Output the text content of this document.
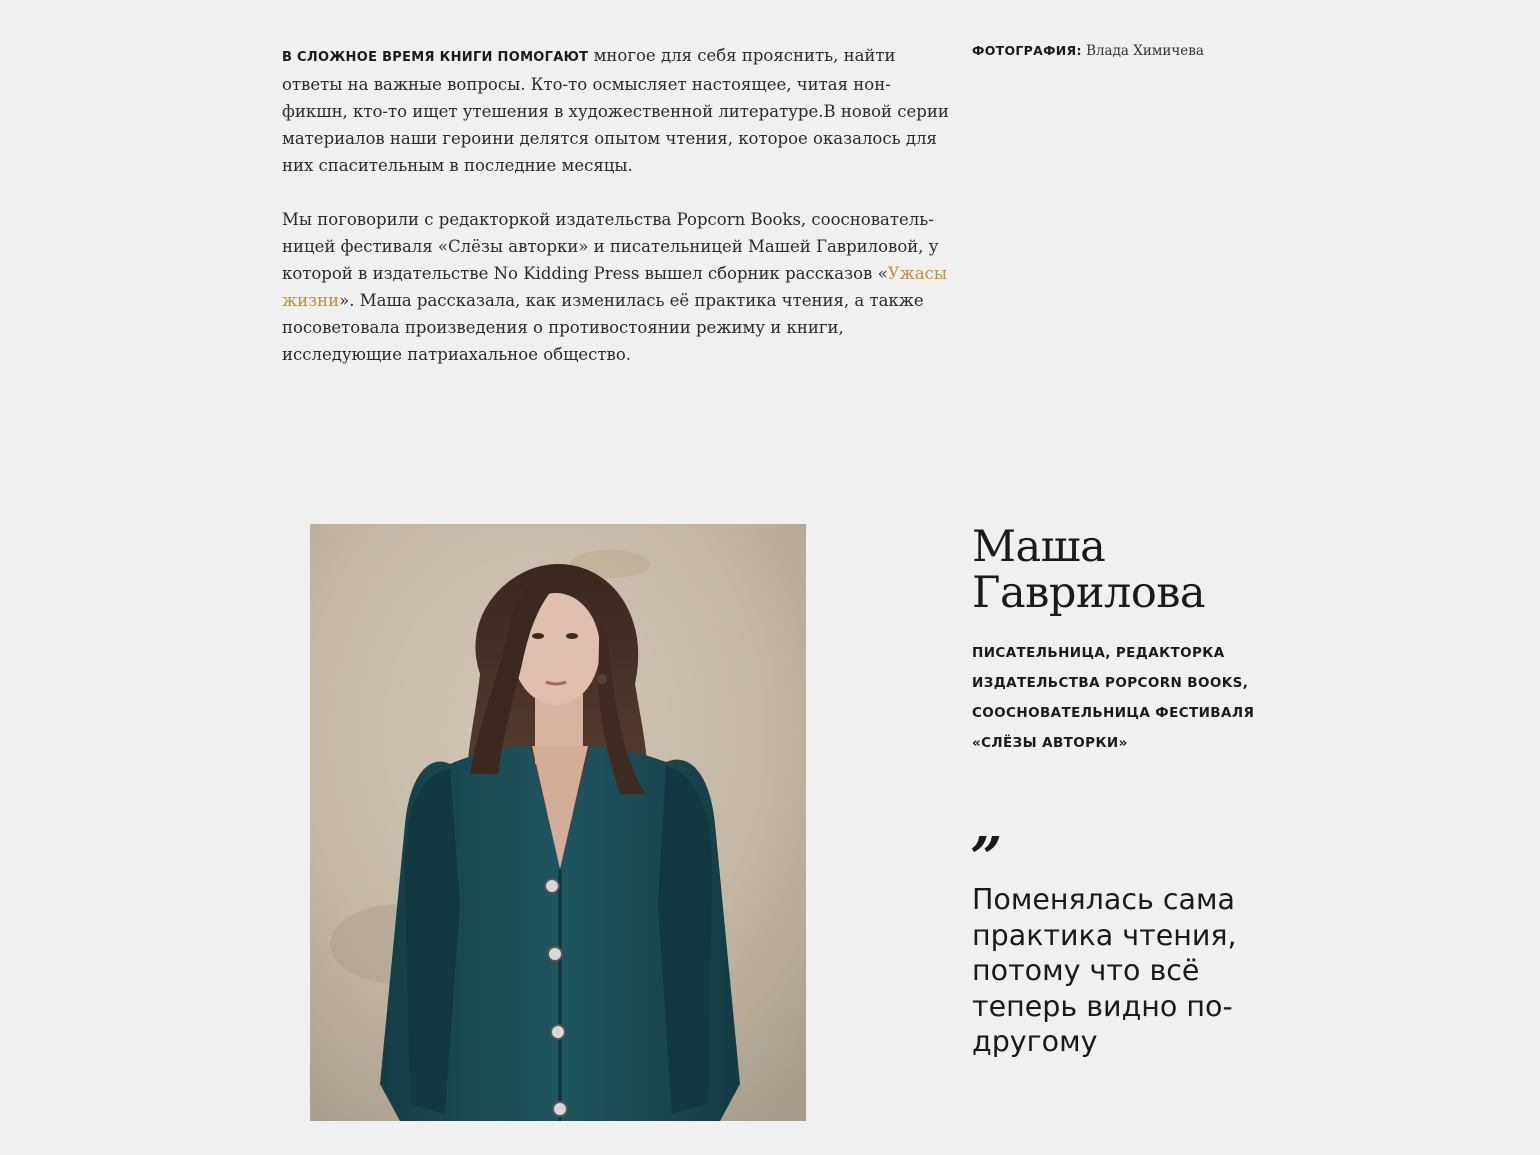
В СЛОЖНОЕ ВРЕМЯ КНИГИ ПОМОГАЮТ многое для себя прояснить, найти ответы на важные вопросы. Кто-то осмысляет настоящее, читая нон-фикшн, кто-то ищет утешения в художественной литературе.В новой серии материалов наши героини делятся опытом чтения, которое оказалось для них спасительным в последние месяцы.

Мы поговорили с редакторкой издательства Popcorn Books, соосновательницей фестиваля «Слёзы авторки» и писательницей Машей Гавриловой, у которой в издательстве No Kidding Press вышел сборник рассказов «Ужасы жизни». Маша рассказала, как изменилась её практика чтения, а также посоветовала произведения о противостоянии режиму и книги, исследующие патриахальное общество.

ФОТОГРАФИЯ: Влада Химичева
Маша
Гаврилова
ПИСАТЕЛЬНИЦА, РЕДАКТОРКА ИЗДАТЕЛЬСТВА POPCORN BOOKS, СООСНОВАТЕЛЬНИЦА ФЕСТИВАЛЯ «СЛЁЗЫ АВТОРКИ»
”

Поменялась сама практика чтения, потому что всё теперь видно по-другому
